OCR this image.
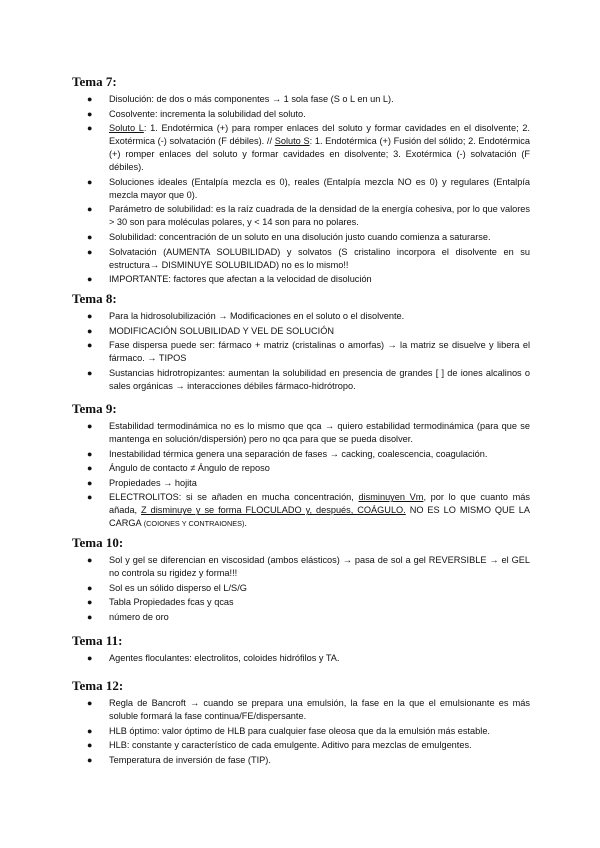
Tema 7:
● Disolución: de dos o más componentes → 1 sola fase (S o L en un L).
● Cosolvente: incrementa la solubilidad del soluto.
● Soluto L: 1. Endotérmica (+) para romper enlaces del soluto y formar cavidades en el disolvente; 2. Exotérmica (-) solvatación (F débiles). // Soluto S: 1. Endotérmica (+) Fusión del sólido; 2. Endotérmica (+) romper enlaces del soluto y formar cavidades en disolvente; 3. Exotérmica (-) solvatación (F débiles).
● Soluciones ideales (Entalpía mezcla es 0), reales (Entalpía mezcla NO es 0) y regulares (Entalpía mezcla mayor que 0).
● Parámetro de solubilidad: es la raíz cuadrada de la densidad de la energía cohesiva, por lo que valores > 30 son para moléculas polares, y < 14 son para no polares.
● Solubilidad: concentración de un soluto en una disolución justo cuando comienza a saturarse.
● Solvatación (AUMENTA SOLUBILIDAD) y solvatos (S cristalino incorpora el disolvente en su estructura→ DISMINUYE SOLUBILIDAD) no es lo mismo!!
● IMPORTANTE: factores que afectan a la velocidad de disolución
Tema 8:
● Para la hidrosolubilización → Modificaciones en el soluto o el disolvente.
● MODIFICACIÓN SOLUBILIDAD Y VEL DE SOLUCIÓN
● Fase dispersa puede ser: fármaco + matriz (cristalinas o amorfas) → la matriz se disuelve y libera el fármaco. → TIPOS
● Sustancias hidrotropizantes: aumentan la solubilidad en presencia de grandes [ ] de iones alcalinos o sales orgánicas → interacciones débiles fármaco-hidrótropo.
Tema 9:
● Estabilidad termodinámica no es lo mismo que qca → quiero estabilidad termodinámica (para que se mantenga en solución/dispersión) pero no qca para que se pueda disolver.
● Inestabilidad térmica genera una separación de fases → cacking, coalescencia, coagulación.
● Ángulo de contacto ≠ Ángulo de reposo
● Propiedades → hojita
● ELECTROLITOS: si se añaden en mucha concentración, disminuyen Vm, por lo que cuanto más añada, Z disminuye y se forma FLOCULADO y, después, COÁGULO. NO ES LO MISMO QUE LA CARGA (COIONES Y CONTRAIONES).
Tema 10:
● Sol y gel se diferencian en viscosidad (ambos elásticos) → pasa de sol a gel REVERSIBLE → el GEL no controla su rigidez y forma!!!
● Sol es un sólido disperso el L/S/G
● Tabla Propiedades fcas y qcas
● número de oro
Tema 11:
● Agentes floculantes: electrolitos, coloides hidrófilos y TA.
Tema 12:
● Regla de Bancroft → cuando se prepara una emulsión, la fase en la que el emulsionante es más soluble formará la fase continua/FE/dispersante.
● HLB óptimo: valor óptimo de HLB para cualquier fase oleosa que da la emulsión más estable.
● HLB: constante y característico de cada emulgente. Aditivo para mezclas de emulgentes.
● Temperatura de inversión de fase (TIP).
